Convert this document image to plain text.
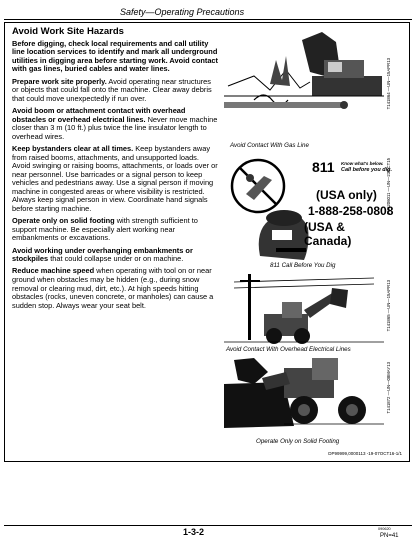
Safety—Operating Precautions
Avoid Work Site Hazards

Before digging, check local requirements and call utility line location services to identify and mark all underground utilities in digging area before starting work. Avoid contact with gas lines, buried cables and water lines.

Prepare work site properly. Avoid operating near structures or objects that could fall onto the machine. Clear away debris that could move unexpectedly if run over.

Avoid boom or attachment contact with overhead obstacles or overhead electrical lines. Never move machine closer than 3 m (10 ft.) plus twice the line insulator length to overhead wires.

Keep bystanders clear at all times. Keep bystanders away from raised booms, attachments, and unsupported loads. Avoid swinging or raising booms, attachments, or loads over or near personnel. Use barricades or a signal person to keep vehicles and pedestrians away. Use a signal person if moving machine in congested areas or where visibility is restricted. Always keep signal person in view. Coordinate hand signals before starting machine.

Operate only on solid footing with strength sufficient to support machine. Be especially alert working near embankments or excavations.

Avoid working under overhanging embankments or stockpiles that could collapse under or on machine.

Reduce machine speed when operating with tool on or near ground when obstacles may be hidden (e.g., during snow removal or clearing mud, dirt, etc.). At high speeds hitting obstacles (rocks, uneven concrete, or manholes) can cause a sudden stop. Always wear your seat belt.

Avoid Contact With Gas Line
T141864 —UN—15APR13
811 Know what's below.
Call before you dig.
(USA only)
1-888-258-0808
(USA & Canada)
811 Call Before You Dig
TX1206011 —UN—23OCT15
Avoid Contact With Overhead Electrical Lines
T141865 —UN—15APR13
Operate Only on Solid Footing
T141872 —UN—08MAY13
DP99999,0000113 -19-07OCT16-1/1
1-3-2	090620
PN=41
